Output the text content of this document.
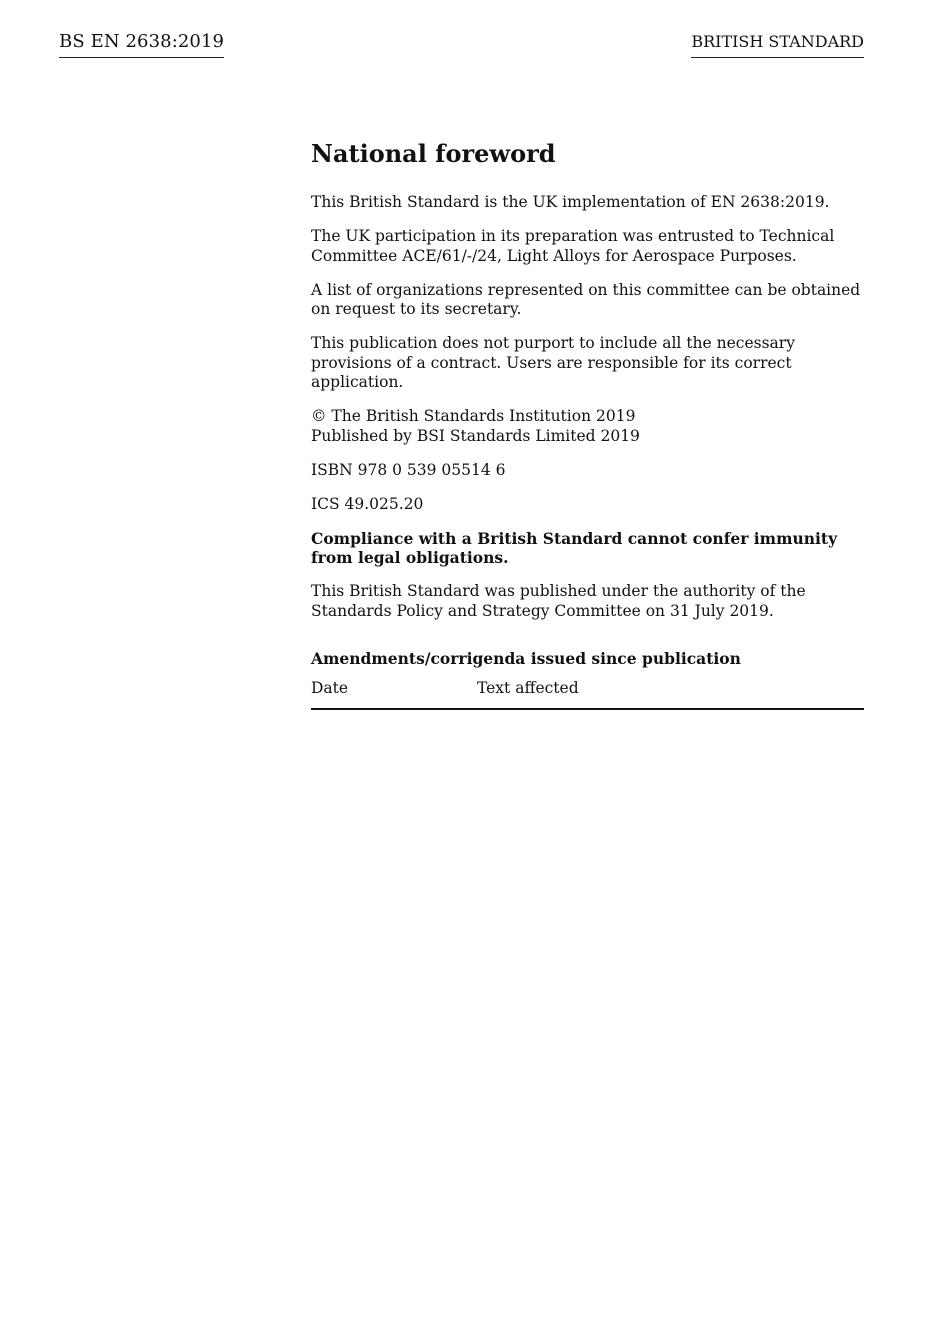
BS EN 2638:2019	BRITISH STANDARD
National foreword

This British Standard is the UK implementation of EN 2638:2019.

The UK participation in its preparation was entrusted to Technical Committee ACE/61/-/24, Light Alloys for Aerospace Purposes.

A list of organizations represented on this committee can be obtained on request to its secretary.

This publication does not purport to include all the necessary provisions of a contract. Users are responsible for its correct application.

© The British Standards Institution 2019
Published by BSI Standards Limited 2019

ISBN 978 0 539 05514 6

ICS 49.025.20

Compliance with a British Standard cannot confer immunity from legal obligations.

This British Standard was published under the authority of the Standards Policy and Strategy Committee on 31 July 2019.

Amendments/corrigenda issued since publication
Date	Text affected
